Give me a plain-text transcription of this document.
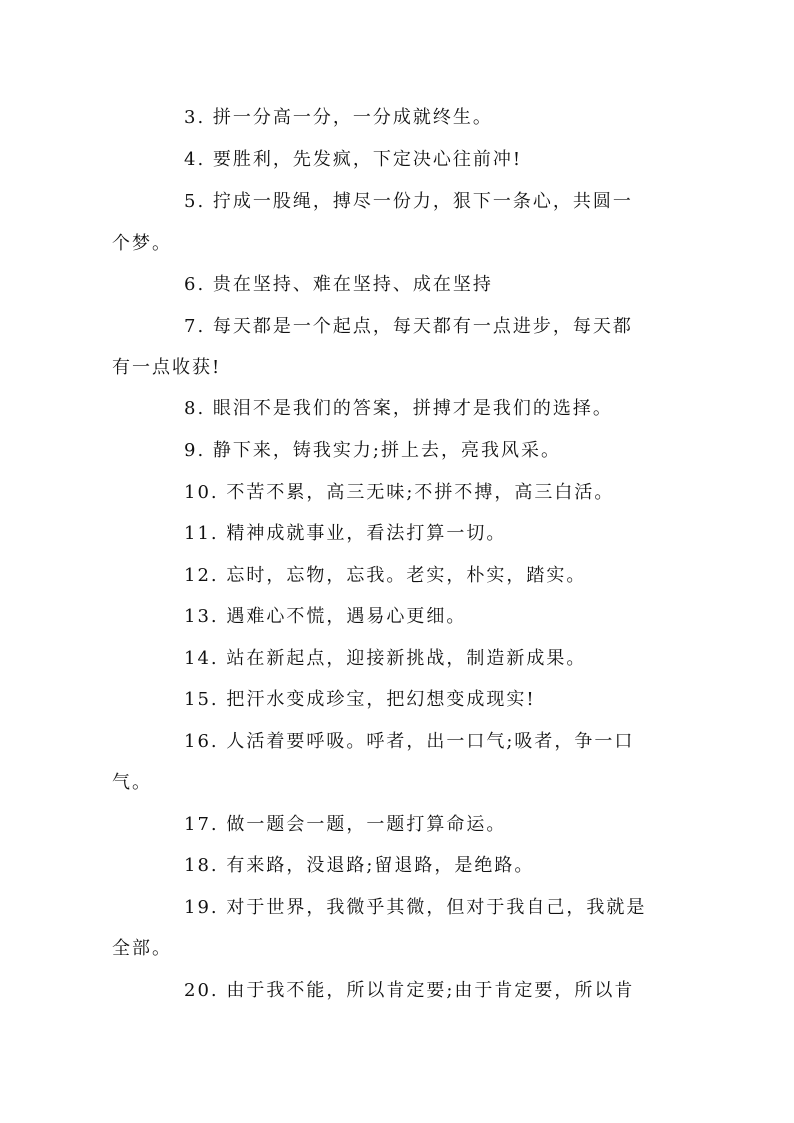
3. 拼一分高一分，一分成就终生。
4. 要胜利，先发疯，下定决心往前冲!
5. 拧成一股绳，搏尽一份力，狠下一条心，共圆一
个梦。
6. 贵在坚持、难在坚持、成在坚持
7. 每天都是一个起点，每天都有一点进步，每天都
有一点收获!
8. 眼泪不是我们的答案，拼搏才是我们的选择。
9. 静下来，铸我实力;拼上去，亮我风采。
10. 不苦不累，高三无味;不拼不搏，高三白活。
11. 精神成就事业，看法打算一切。
12. 忘时，忘物，忘我。老实，朴实，踏实。
13. 遇难心不慌，遇易心更细。
14. 站在新起点，迎接新挑战，制造新成果。
15. 把汗水变成珍宝，把幻想变成现实!
16. 人活着要呼吸。呼者，出一口气;吸者，争一口
气。
17. 做一题会一题，一题打算命运。
18. 有来路，没退路;留退路，是绝路。
19. 对于世界，我微乎其微，但对于我自己，我就是
全部。
20. 由于我不能，所以肯定要;由于肯定要，所以肯
